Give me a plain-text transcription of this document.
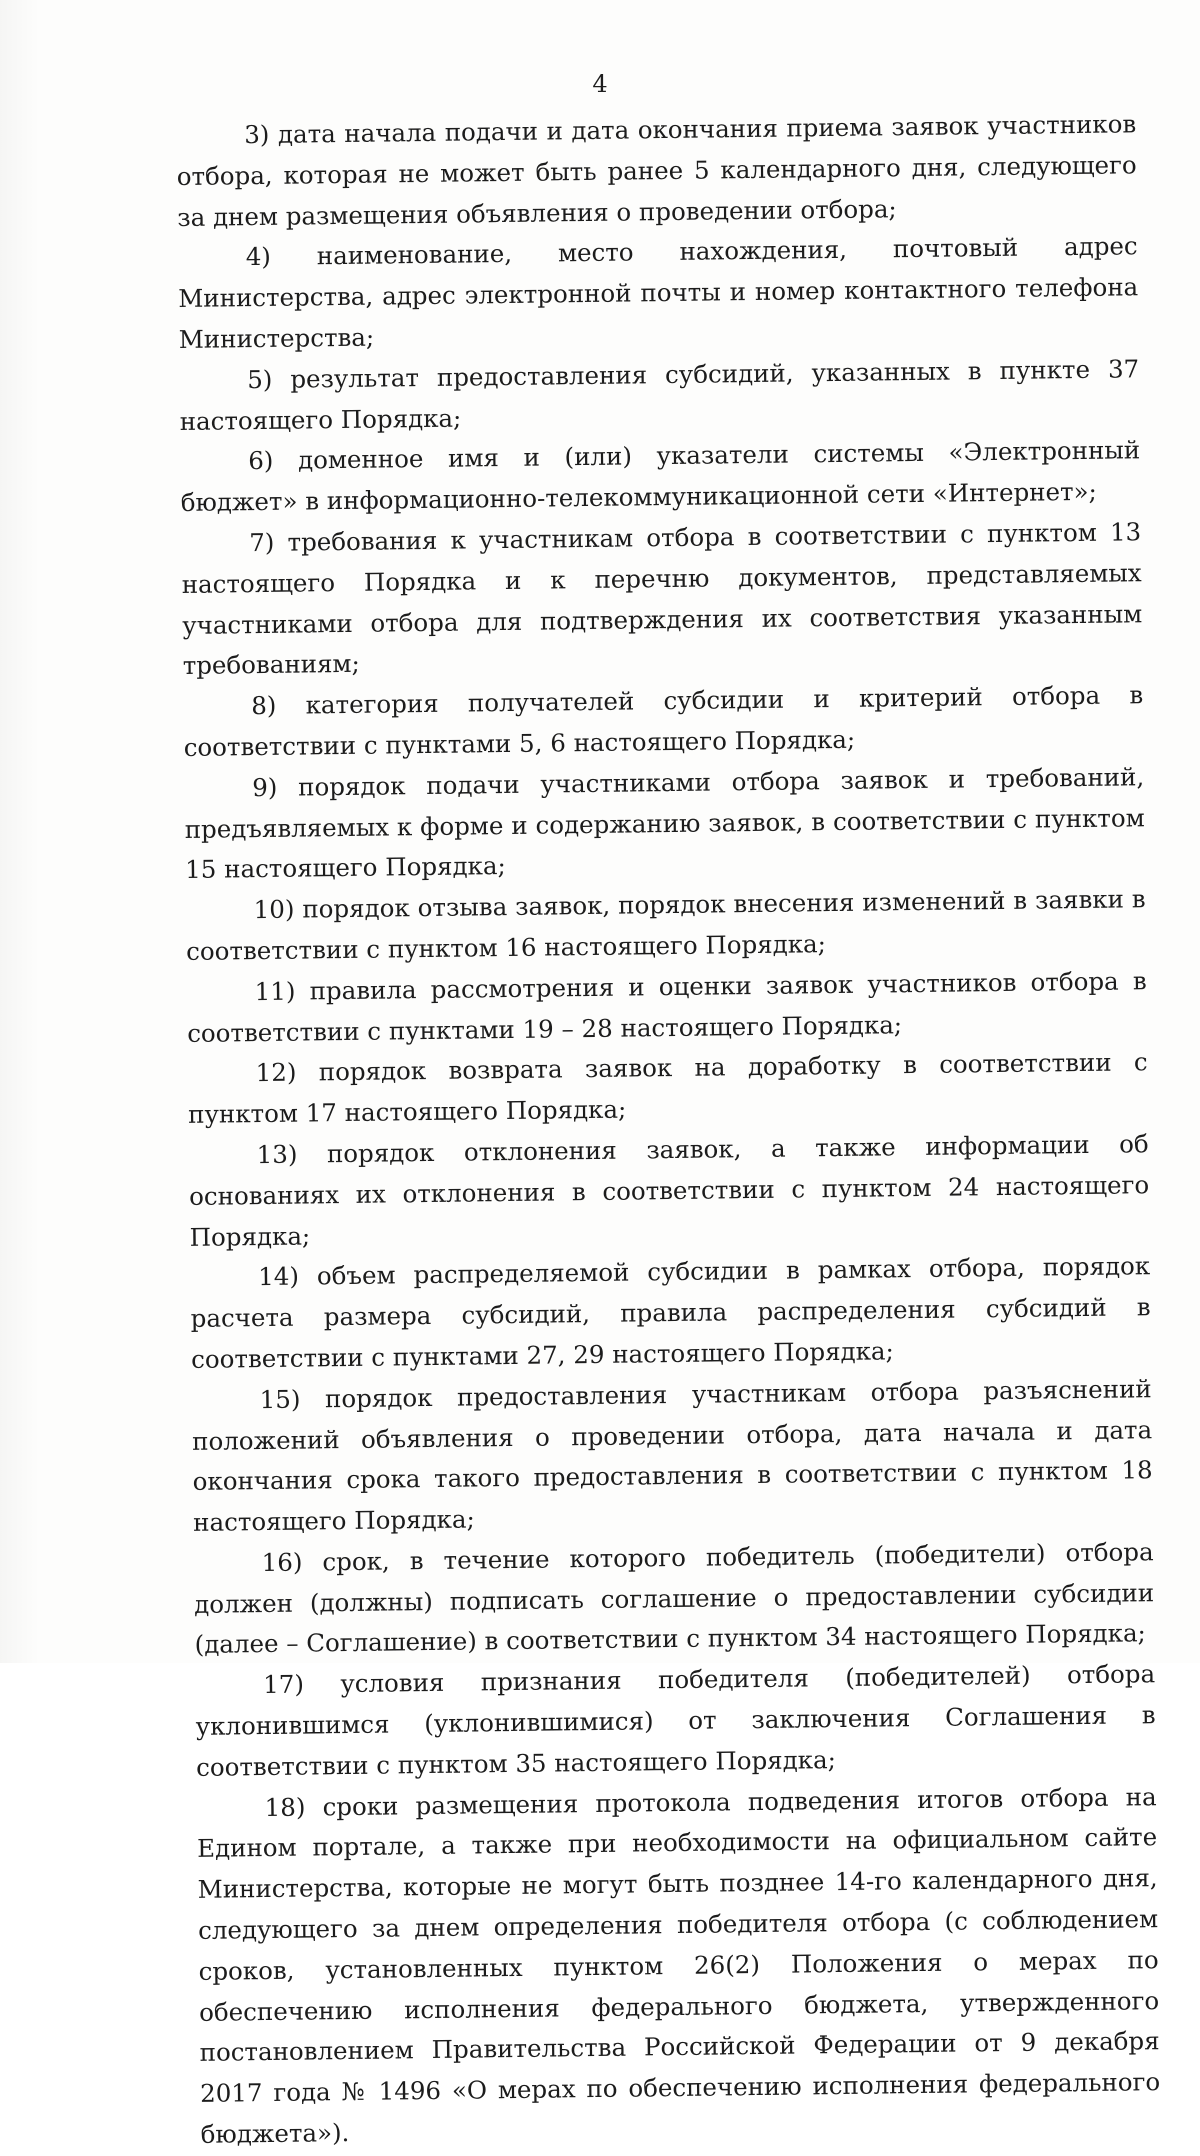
4

3) дата начала подачи и дата окончания приема заявок участников отбора, которая не может быть ранее 5 календарного дня, следующего за днем размещения объявления о проведении отбора;

4) наименование, место нахождения, почтовый адрес Министерства, адрес электронной почты и номер контактного телефона Министерства;

5) результат предоставления субсидий, указанных в пункте 37 настоящего Порядка;

6) доменное имя и (или) указатели системы «Электронный бюджет» в информационно-телекоммуникационной сети «Интернет»;

7) требования к участникам отбора в соответствии с пунктом 13 настоящего Порядка и к перечню документов, представляемых участниками отбора для подтверждения их соответствия указанным требованиям;

8) категория получателей субсидии и критерий отбора в соответствии с пунктами 5, 6 настоящего Порядка;

9) порядок подачи участниками отбора заявок и требований, предъявляемых к форме и содержанию заявок, в соответствии с пунктом 15 настоящего Порядка;

10) порядок отзыва заявок, порядок внесения изменений в заявки в соответствии с пунктом 16 настоящего Порядка;

11) правила рассмотрения и оценки заявок участников отбора в соответствии с пунктами 19 – 28 настоящего Порядка;

12) порядок возврата заявок на доработку в соответствии с пунктом 17 настоящего Порядка;

13) порядок отклонения заявок, а также информации об основаниях их отклонения в соответствии с пунктом 24 настоящего Порядка;

14) объем распределяемой субсидии в рамках отбора, порядок расчета размера субсидий, правила распределения субсидий в соответствии с пунктами 27, 29 настоящего Порядка;

15) порядок предоставления участникам отбора разъяснений положений объявления о проведении отбора, дата начала и дата окончания срока такого предоставления в соответствии с пунктом 18 настоящего Порядка;

16) срок, в течение которого победитель (победители) отбора должен (должны) подписать соглашение о предоставлении субсидии (далее – Соглашение) в соответствии с пунктом 34 настоящего Порядка;

17) условия признания победителя (победителей) отбора уклонившимся (уклонившимися) от заключения Соглашения в соответствии с пунктом 35 настоящего Порядка;

18) сроки размещения протокола подведения итогов отбора на Едином портале, а также при необходимости на официальном сайте Министерства, которые не могут быть позднее 14-го календарного дня, следующего за днем определения победителя отбора (с соблюдением сроков, установленных пунктом 26(2) Положения о мерах по обеспечению исполнения федерального бюджета, утвержденного постановлением Правительства Российской Федерации от 9 декабря 2017 года № 1496 «О мерах по обеспечению исполнения федерального бюджета»).
